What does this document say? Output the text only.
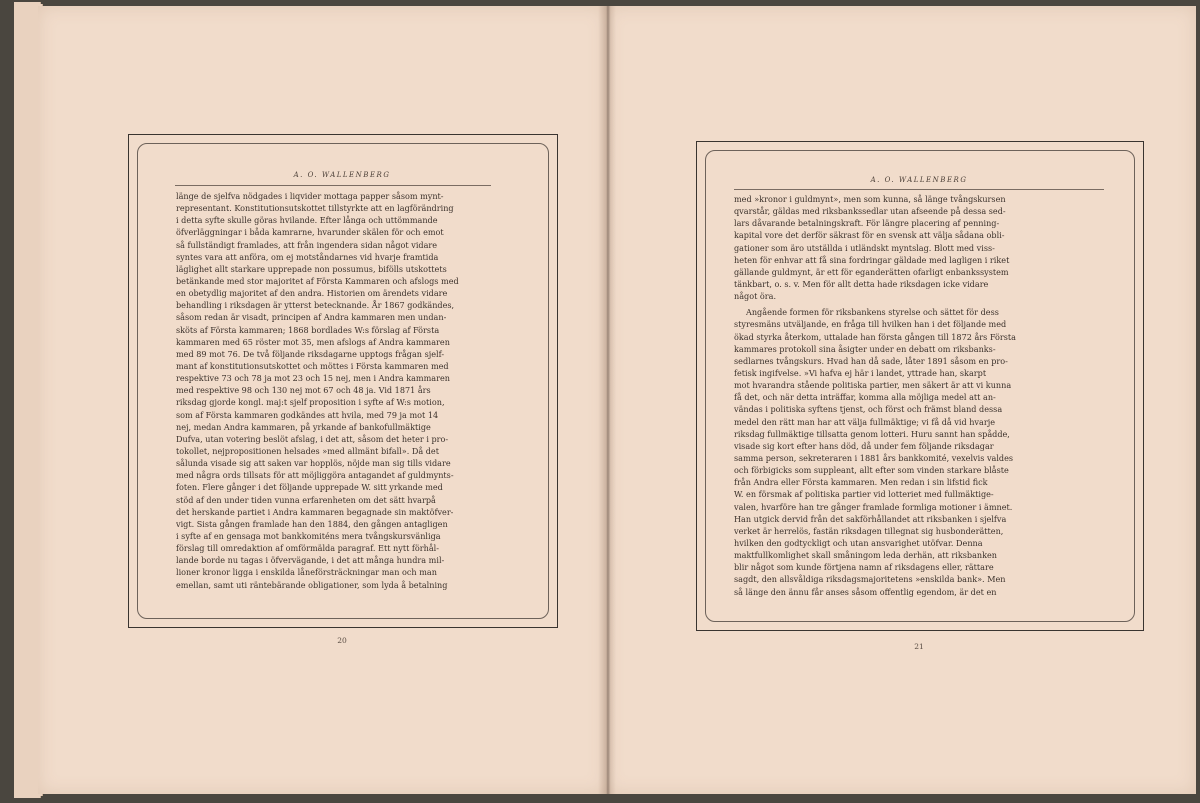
A. O. WALLENBERG
länge de sjelfva nödgades i liqvider mottaga papper såsom mynt-
representant. Konstitutionsutskottet tillstyrkte att en lagförändring
i detta syfte skulle göras hvilande. Efter långa och uttömmande
öfverläggningar i båda kamrarne, hvarunder skälen för och emot
så fullständigt framlades, att från ingendera sidan något vidare
syntes vara att anföra, om ej motståndarnes vid hvarje framtida
läglighet allt starkare upprepade non possumus, bifölls utskottets
betänkande med stor majoritet af Första Kammaren och afslogs med
en obetydlig majoritet af den andra. Historien om ärendets vidare
behandling i riksdagen är ytterst betecknande. År 1867 godkändes,
såsom redan är visadt, principen af Andra kammaren men undan-
sköts af Första kammaren; 1868 bordlades W:s förslag af Första
kammaren med 65 röster mot 35, men afslogs af Andra kammaren
med 89 mot 76. De två följande riksdagarne upptogs frågan sjelf-
mant af konstitutionsutskottet och möttes i Första kammaren med
respektive 73 och 78 ja mot 23 och 15 nej, men i Andra kammaren
med respektive 98 och 130 nej mot 67 och 48 ja. Vid 1871 års
riksdag gjorde kongl. maj:t sjelf proposition i syfte af W:s motion,
som af Första kammaren godkändes att hvila, med 79 ja mot 14
nej, medan Andra kammaren, på yrkande af bankofullmäktige
Dufva, utan votering beslöt afslag, i det att, såsom det heter i pro-
tokollet, nejpropositionen helsades »med allmänt bifall». Då det
sålunda visade sig att saken var hopplös, nöjde man sig tills vidare
med några ords tillsats för att möjliggöra antagandet af guldmynts-
foten. Flere gånger i det följande upprepade W. sitt yrkande med
stöd af den under tiden vunna erfarenheten om det sätt hvarpå
det herskande partiet i Andra kammaren begagnade sin maktöfver-
vigt. Sista gången framlade han den 1884, den gången antagligen
i syfte af en gensaga mot bankkomiténs mera tvångskursvänliga
förslag till omredaktion af omförmälda paragraf. Ett nytt förhål-
lande borde nu tagas i öfvervägande, i det att många hundra mil-
lioner kronor ligga i enskilda låneförsträckningar man och man
emellan, samt uti räntebärande obligationer, som lyda å betalning
20
A. O. WALLENBERG
med »kronor i guldmynt», men som kunna, så länge tvångskursen
qvarstår, gäldas med riksbankssedlar utan afseende på dessa sed-
lars dåvarande betalningskraft. För längre placering af penning-
kapital vore det derför säkrast för en svensk att välja sådana obli-
gationer som äro utställda i utländskt myntslag. Blott med viss-
heten för enhvar att få sina fordringar gäldade med lagligen i riket
gällande guldmynt, är ett för eganderätten ofarligt enbankssystem
tänkbart, o. s. v. Men för allt detta hade riksdagen icke vidare
något öra.
Angående formen för riksbankens styrelse och sättet för dess
styresmäns utväljande, en fråga till hvilken han i det följande med
ökad styrka återkom, uttalade han första gången till 1872 års Första
kammares protokoll sina åsigter under en debatt om riksbanks-
sedlarnes tvångskurs. Hvad han då sade, låter 1891 såsom en pro-
fetisk ingifvelse. »Vi hafva ej här i landet, yttrade han, skarpt
mot hvarandra stående politiska partier, men säkert är att vi kunna
få det, och när detta inträffar, komma alla möjliga medel att an-
vändas i politiska syftens tjenst, och först och främst bland dessa
medel den rätt man har att välja fullmäktige; vi få då vid hvarje
riksdag fullmäktige tillsatta genom lotteri. Huru sannt han spådde,
visade sig kort efter hans död, då under fem följande riksdagar
samma person, sekreteraren i 1881 års bankkomité, vexelvis valdes
och förbigicks som suppleant, allt efter som vinden starkare blåste
från Andra eller Första kammaren. Men redan i sin lifstid fick
W. en försmak af politiska partier vid lotteriet med fullmäktige-
valen, hvarföre han tre gånger framlade formliga motioner i ämnet.
Han utgick dervid från det sakförhållandet att riksbanken i sjelfva
verket är herrelös, fastän riksdagen tillegnat sig husbonderätten,
hvilken den godtyckligt och utan ansvarighet utöfvar. Denna
maktfullkomlighet skall småningom leda derhän, att riksbanken
blir något som kunde förtjena namn af riksdagens eller, rättare
sagdt, den allsvåldiga riksdagsmajoritetens »enskilda bank». Men
så länge den ännu får anses såsom offentlig egendom, är det en
21
